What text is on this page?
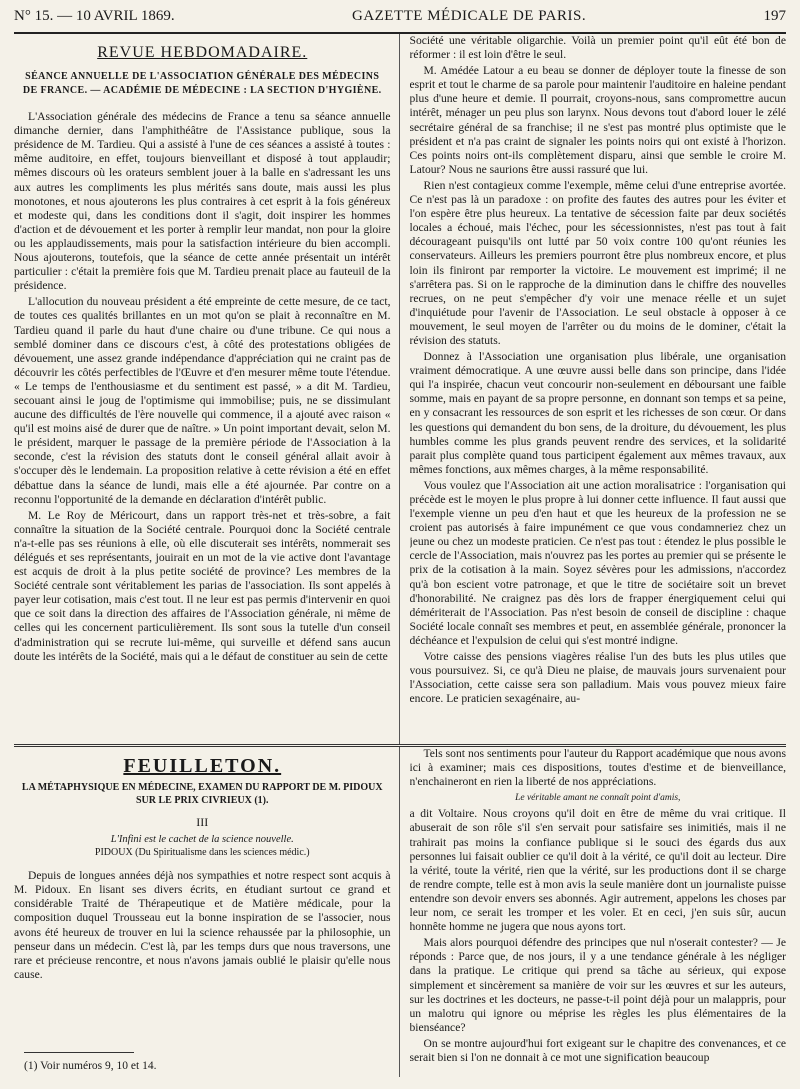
N° 15. — 10 AVRIL 1869.	GAZETTE MÉDICALE DE PARIS.	197
REVUE HEBDOMADAIRE.
SÉANCE ANNUELLE DE L'ASSOCIATION GÉNÉRALE DES MÉDECINS DE FRANCE. — ACADÉMIE DE MÉDECINE : LA SECTION D'HYGIÈNE.

L'Association générale des médecins de France a tenu sa séance annuelle dimanche dernier, dans l'amphithéâtre de l'Assistance publique, sous la présidence de M. Tardieu. Qui a assisté à l'une de ces séances a assisté à toutes : même auditoire, en effet, toujours bienveillant et disposé à tout applaudir; mêmes discours où les orateurs semblent jouer à la balle en s'adressant les uns aux autres les compliments les plus mérités sans doute, mais aussi les plus monotones, et nous ajouterons les plus contraires à cet esprit à la fois généreux et modeste qui, dans les conditions dont il s'agit, doit inspirer les hommes d'action et de dévouement et les porter à remplir leur mandat, non pour la gloire ou les applaudissements, mais pour la satisfaction intérieure du bien accompli. Nous ajouterons, toutefois, que la séance de cette année présentait un intérêt particulier : c'était la première fois que M. Tardieu prenait place au fauteuil de la présidence.

L'allocution du nouveau président a été empreinte de cette mesure, de ce tact, de toutes ces qualités brillantes en un mot qu'on se plait à reconnaître en M. Tardieu quand il parle du haut d'une chaire ou d'une tribune. Ce qui nous a semblé dominer dans ce discours c'est, à côté des protestations obligées de dévouement, une assez grande indépendance d'appréciation qui ne craint pas de découvrir les côtés perfectibles de l'Œuvre et d'en mesurer même toute l'étendue. « Le temps de l'enthousiasme et du sentiment est passé, » a dit M. Tardieu, secouant ainsi le joug de l'optimisme qui immobilise; puis, ne se dissimulant aucune des difficultés de l'ère nouvelle qui commence, il a ajouté avec raison « qu'il est moins aisé de durer que de naître. » Un point important devait, selon M. le président, marquer le passage de la première période de l'Association à la seconde, c'est la révision des statuts dont le conseil général allait avoir à s'occuper dès le lendemain. La proposition relative à cette révision a été en effet débattue dans la séance de lundi, mais elle a été ajournée. Par contre on a reconnu l'opportunité de la demande en déclaration d'intérêt public.

M. Le Roy de Méricourt, dans un rapport très-net et très-sobre, a fait connaître la situation de la Société centrale. Pourquoi donc la Société centrale n'a-t-elle pas ses réunions à elle, où elle discuterait ses intérêts, nommerait ses délégués et ses représentants, jouirait en un mot de la vie active dont l'avantage est acquis de droit à la plus petite société de province? Les membres de la Société centrale sont véritablement les parias de l'association. Ils sont appelés à payer leur cotisation, mais c'est tout. Il ne leur est pas permis d'intervenir en quoi que ce soit dans la direction des affaires de l'Association générale, ni même de celles qui les concernent particulièrement. Ils sont sous la tutelle d'un conseil d'administration qui se recrute lui-même, qui surveille et défend sans aucun doute les intérêts de la Société, mais qui a le défaut de constituer au sein de cette

Société une véritable oligarchie. Voilà un premier point qu'il eût été bon de réformer : il est loin d'être le seul.

M. Amédée Latour a eu beau se donner de déployer toute la finesse de son esprit et tout le charme de sa parole pour maintenir l'auditoire en haleine pendant plus d'une heure et demie. Il pourrait, croyons-nous, sans compromettre aucun intérêt, ménager un peu plus son larynx. Nous devons tout d'abord louer le zélé secrétaire général de sa franchise; il ne s'est pas montré plus optimiste que le président et n'a pas craint de signaler les points noirs qui ont existé à l'horizon. Ces points noirs ont-ils complètement disparu, ainsi que semble le croire M. Latour? Nous ne saurions être aussi rassuré que lui.

Rien n'est contagieux comme l'exemple, même celui d'une entreprise avortée. Ce n'est pas là un paradoxe : on profite des fautes des autres pour les éviter et l'on espère être plus heureux. La tentative de sécession faite par deux sociétés locales a échoué, mais l'échec, pour les sécessionnistes, n'est pas tout à fait décourageant puisqu'ils ont lutté par 50 voix contre 100 qu'ont réunies les conservateurs. Ailleurs les premiers pourront être plus nombreux encore, et plus loin ils finiront par remporter la victoire. Le mouvement est imprimé; il ne s'arrêtera pas. Si on le rapproche de la diminution dans le chiffre des nouvelles recrues, on ne peut s'empêcher d'y voir une menace réelle et un sujet d'inquiétude pour l'avenir de l'Association. Le seul obstacle à opposer à ce mouvement, le seul moyen de l'arrêter ou du moins de le dominer, c'était la révision des statuts.

Donnez à l'Association une organisation plus libérale, une organisation vraiment démocratique. A une œuvre aussi belle dans son principe, dans l'idée qui l'a inspirée, chacun veut concourir non-seulement en déboursant une faible somme, mais en payant de sa propre personne, en donnant son temps et sa peine, en y consacrant les ressources de son esprit et les richesses de son cœur. Or dans les questions qui demandent du bon sens, de la droiture, du dévouement, les plus humbles comme les plus grands peuvent rendre des services, et la solidarité parait plus complète quand tous participent également aux mêmes travaux, aux mêmes fonctions, aux mêmes charges, à la même responsabilité.

Vous voulez que l'Association ait une action moralisatrice : l'organisation qui précède est le moyen le plus propre à lui donner cette influence. Il faut aussi que l'exemple vienne un peu d'en haut et que les heureux de la profession ne se croient pas autorisés à faire impunément ce que vous condamneriez chez un jeune ou chez un modeste praticien. Ce n'est pas tout : étendez le plus possible le cercle de l'Association, mais n'ouvrez pas les portes au premier qui se présente le prix de la cotisation à la main. Soyez sévères pour les admissions, n'accordez qu'à bon escient votre patronage, et que le titre de sociétaire soit un brevet d'honorabilité. Ne craignez pas dès lors de frapper énergiquement celui qui démériterait de l'Association. Pas n'est besoin de conseil de discipline : chaque Société locale connaît ses membres et peut, en assemblée générale, prononcer la déchéance et l'expulsion de celui qui s'est montré indigne.

Votre caisse des pensions viagères réalise l'un des buts les plus utiles que vous poursuivez. Si, ce qu'à Dieu ne plaise, de mauvais jours survenaient pour l'Association, cette caisse sera son palladium. Mais vous pouvez mieux faire encore. Le praticien sexagénaire, au-

FEUILLETON.
LA MÉTAPHYSIQUE EN MÉDECINE, EXAMEN DU RAPPORT DE M. PIDOUX SUR LE PRIX CIVRIEUX (1).
III
L'Infini est le cachet de la science nouvelle.
PIDOUX (Du Spiritualisme dans les sciences médic.)

Depuis de longues années déjà nos sympathies et notre respect sont acquis à M. Pidoux. En lisant ses divers écrits, en étudiant surtout ce grand et considérable Traité de Thérapeutique et de Matière médicale, pour la composition duquel Trousseau eut la bonne inspiration de se l'associer, nous avons été heureux de trouver en lui la science rehaussée par la philosophie, un penseur dans un médecin. C'est là, par les temps durs que nous traversons, une rare et précieuse rencontre, et nous n'avons jamais oublié le plaisir qu'elle nous cause.

Tels sont nos sentiments pour l'auteur du Rapport académique que nous avons ici à examiner; mais ces dispositions, toutes d'estime et de bienveillance, n'enchaineront en rien la liberté de nos appréciations.

Le véritable amant ne connaît point d'amis,

a dit Voltaire. Nous croyons qu'il doit en être de même du vrai critique. Il abuserait de son rôle s'il s'en servait pour satisfaire ses inimitiés, mais il ne trahirait pas moins la confiance publique si le souci des égards dus aux personnes lui faisait oublier ce qu'il doit à la vérité, ce qu'il doit au lecteur. Dire la vérité, toute la vérité, rien que la vérité, sur les productions dont il se charge de rendre compte, telle est à mon avis la seule manière dont un journaliste puisse entendre son devoir envers ses abonnés. Agir autrement, appelons les choses par leur nom, ce serait les tromper et les voler. Et en ceci, j'en suis sûr, aucun honnête homme ne jugera que nous ayons tort.

Mais alors pourquoi défendre des principes que nul n'oserait contester? — Je réponds : Parce que, de nos jours, il y a une tendance générale à les négliger dans la pratique. Le critique qui prend sa tâche au sérieux, qui expose simplement et sincèrement sa manière de voir sur les œuvres et sur les auteurs, sur les doctrines et les docteurs, ne passe-t-il point déjà pour un malappris, pour un malotru qui ignore ou méprise les règles les plus élémentaires de la bienséance?

On se montre aujourd'hui fort exigeant sur le chapitre des convenances, et ce serait bien si l'on ne donnait à ce mot une signification beaucoup

(1) Voir numéros 9, 10 et 14.
